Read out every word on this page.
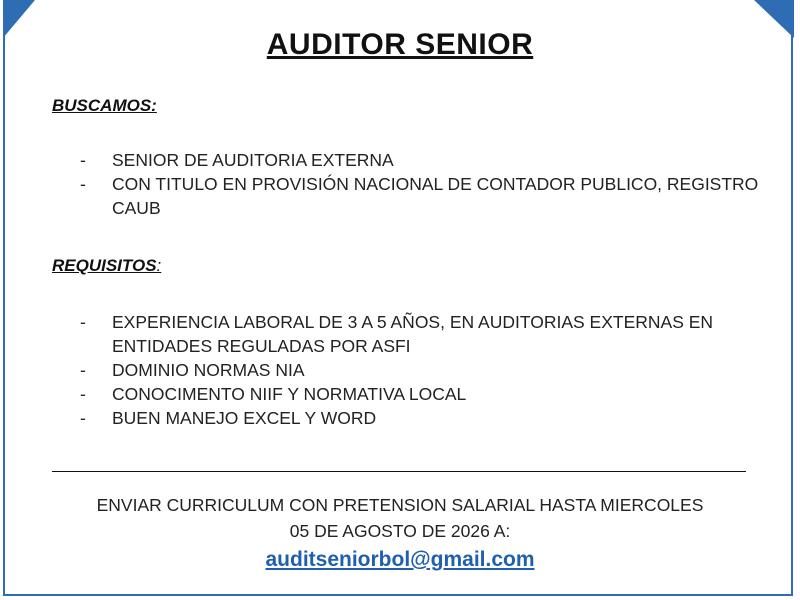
AUDITOR SENIOR
BUSCAMOS:
- SENIOR DE AUDITORIA EXTERNA
- CON TITULO EN PROVISIÓN NACIONAL DE CONTADOR PUBLICO, REGISTRO CAUB
REQUISITOS:
- EXPERIENCIA LABORAL DE 3 A 5 AÑOS, EN AUDITORIAS EXTERNAS EN ENTIDADES REGULADAS POR ASFI
- DOMINIO NORMAS NIA
- CONOCIMENTO NIIF Y NORMATIVA LOCAL
- BUEN MANEJO EXCEL Y WORD
ENVIAR CURRICULUM CON PRETENSION SALARIAL HASTA MIERCOLES
05 DE AGOSTO DE 2026 A:
auditseniorbol@gmail.com
